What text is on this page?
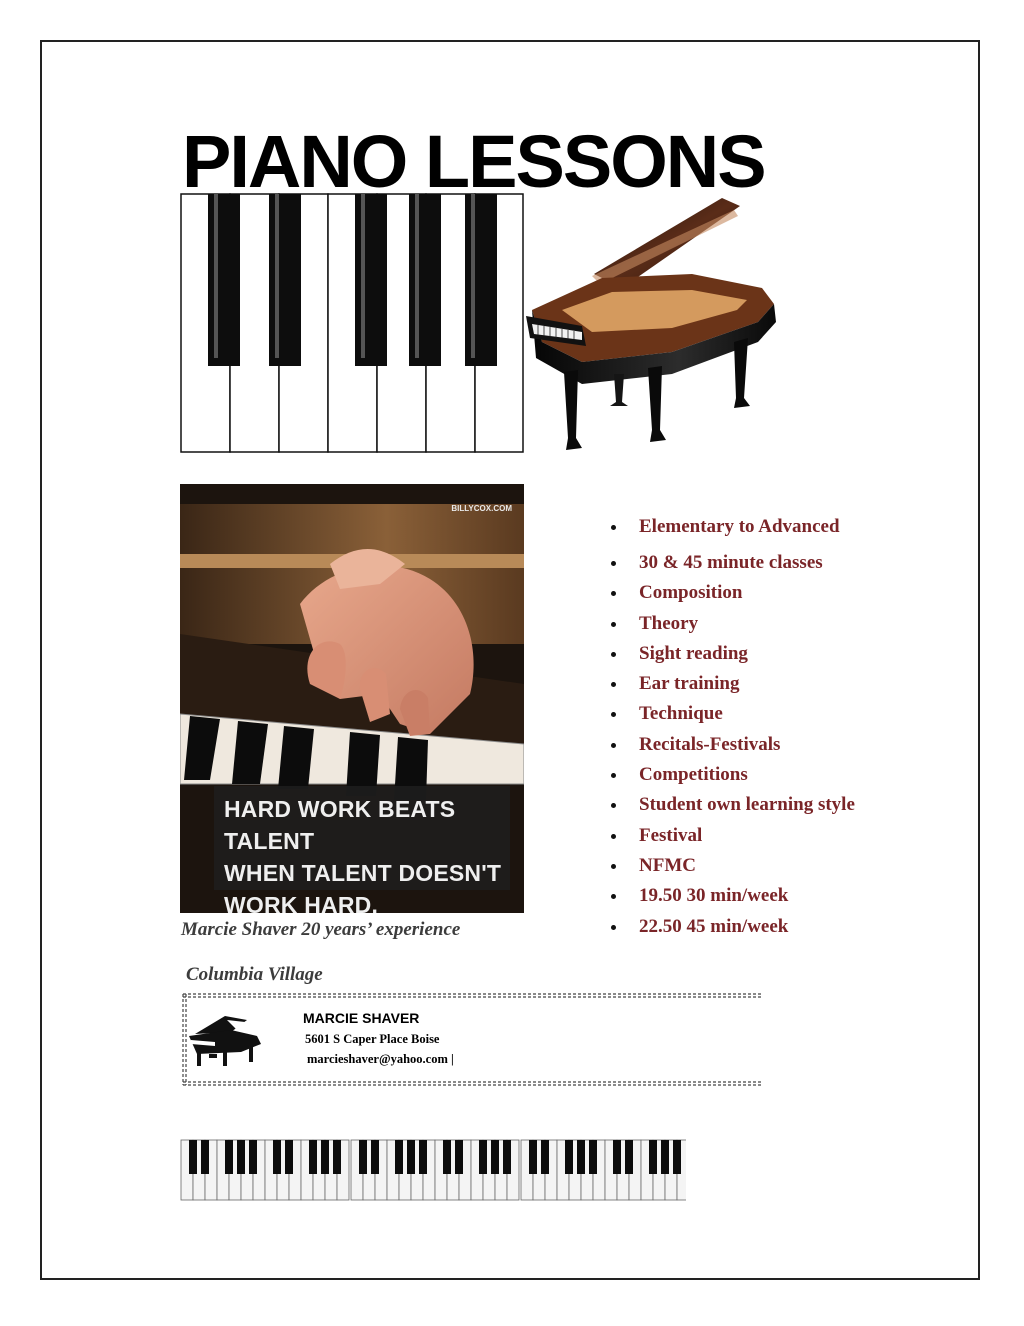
PIANO LESSONS
BILLYCOX.COM

HARD WORK BEATS TALENT
WHEN TALENT DOESN'T
WORK HARD.

Marcie Shaver 20 years’ experience

Columbia Village

Elementary to Advanced
30 & 45 minute classes
Composition
Theory
Sight reading
Ear training
Technique
Recitals-Festivals
Competitions
Student own learning style
Festival
NFMC
19.50 30 min/week
22.50 45 min/week

MARCIE SHAVER

5601 S Caper Place Boise

marcieshaver@yahoo.com |
